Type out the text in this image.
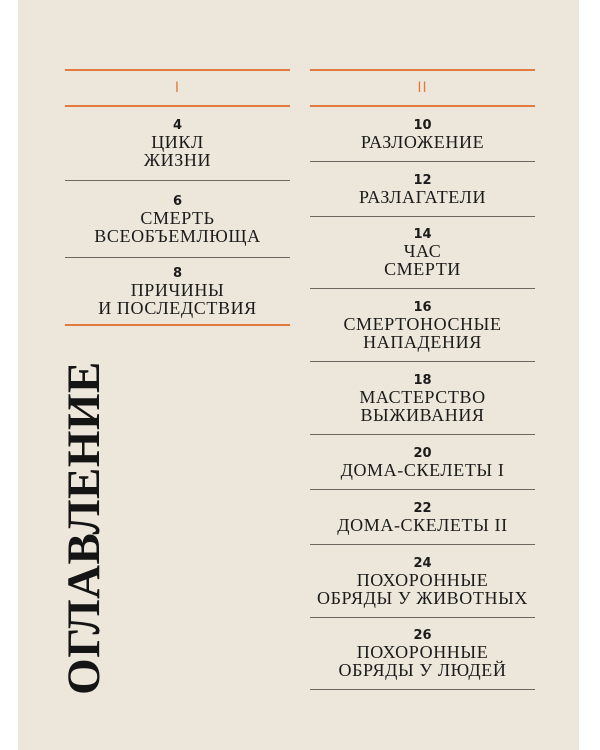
I
4
ЦИКЛ
ЖИЗНИ
6
СМЕРТЬ
ВСЕОБЪЕМЛЮЩА
8
ПРИЧИНЫ
И ПОСЛЕДСТВИЯ
II
10
РАЗЛОЖЕНИЕ
12
РАЗЛАГАТЕЛИ
14
ЧАС
СМЕРТИ
16
СМЕРТОНОСНЫЕ
НАПАДЕНИЯ
18
МАСТЕРСТВО
ВЫЖИВАНИЯ
20
ДОМА-СКЕЛЕТЫ I
22
ДОМА-СКЕЛЕТЫ II
24
ПОХОРОННЫЕ
ОБРЯДЫ У ЖИВОТНЫХ
26
ПОХОРОННЫЕ
ОБРЯДЫ У ЛЮДЕЙ
ОГЛАВЛЕНИЕ
